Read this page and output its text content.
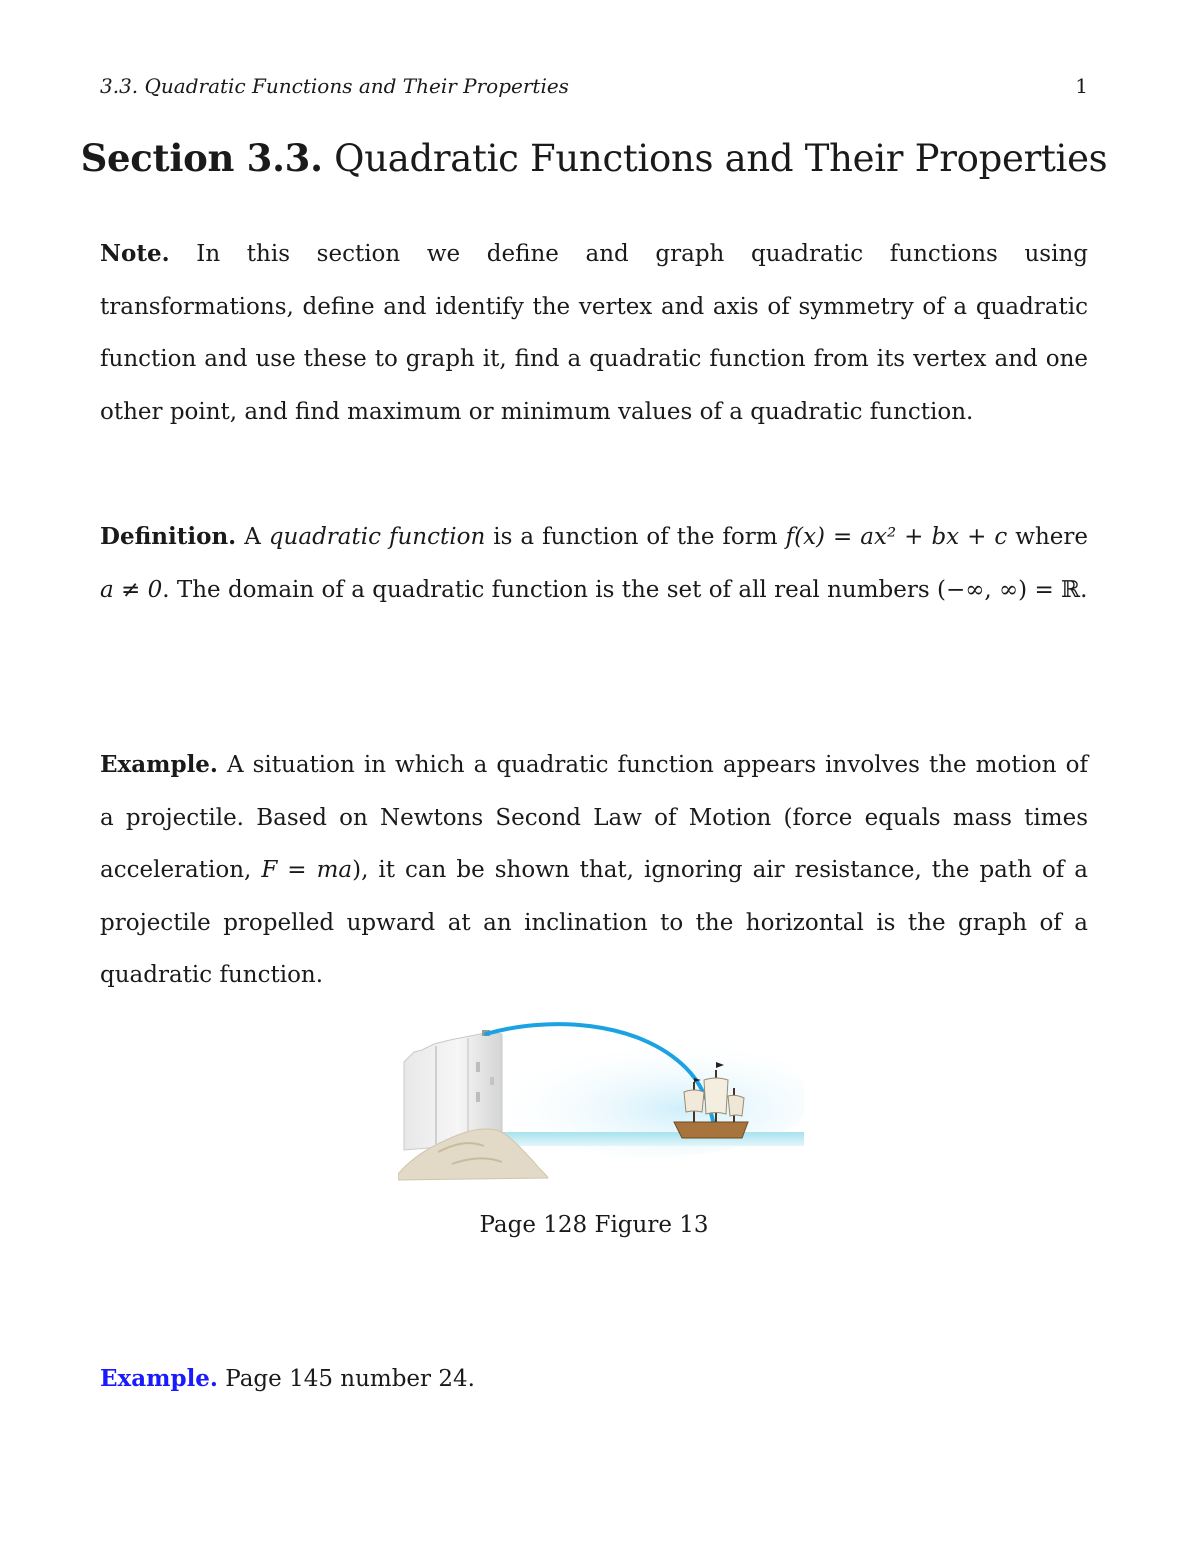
3.3. Quadratic Functions and Their Properties	1
Section 3.3. Quadratic Functions and Their Properties

Note. In this section we define and graph quadratic functions using transformations, define and identify the vertex and axis of symmetry of a quadratic function and use these to graph it, find a quadratic function from its vertex and one other point, and find maximum or minimum values of a quadratic function.

Definition. A quadratic function is a function of the form f(x) = ax² + bx + c where a ≠ 0. The domain of a quadratic function is the set of all real numbers (−∞, ∞) = ℝ.

Example. A situation in which a quadratic function appears involves the motion of a projectile. Based on Newtons Second Law of Motion (force equals mass times acceleration, F = ma), it can be shown that, ignoring air resistance, the path of a projectile propelled upward at an inclination to the horizontal is the graph of a quadratic function.

Page 128 Figure 13

Example. Page 145 number 24.
